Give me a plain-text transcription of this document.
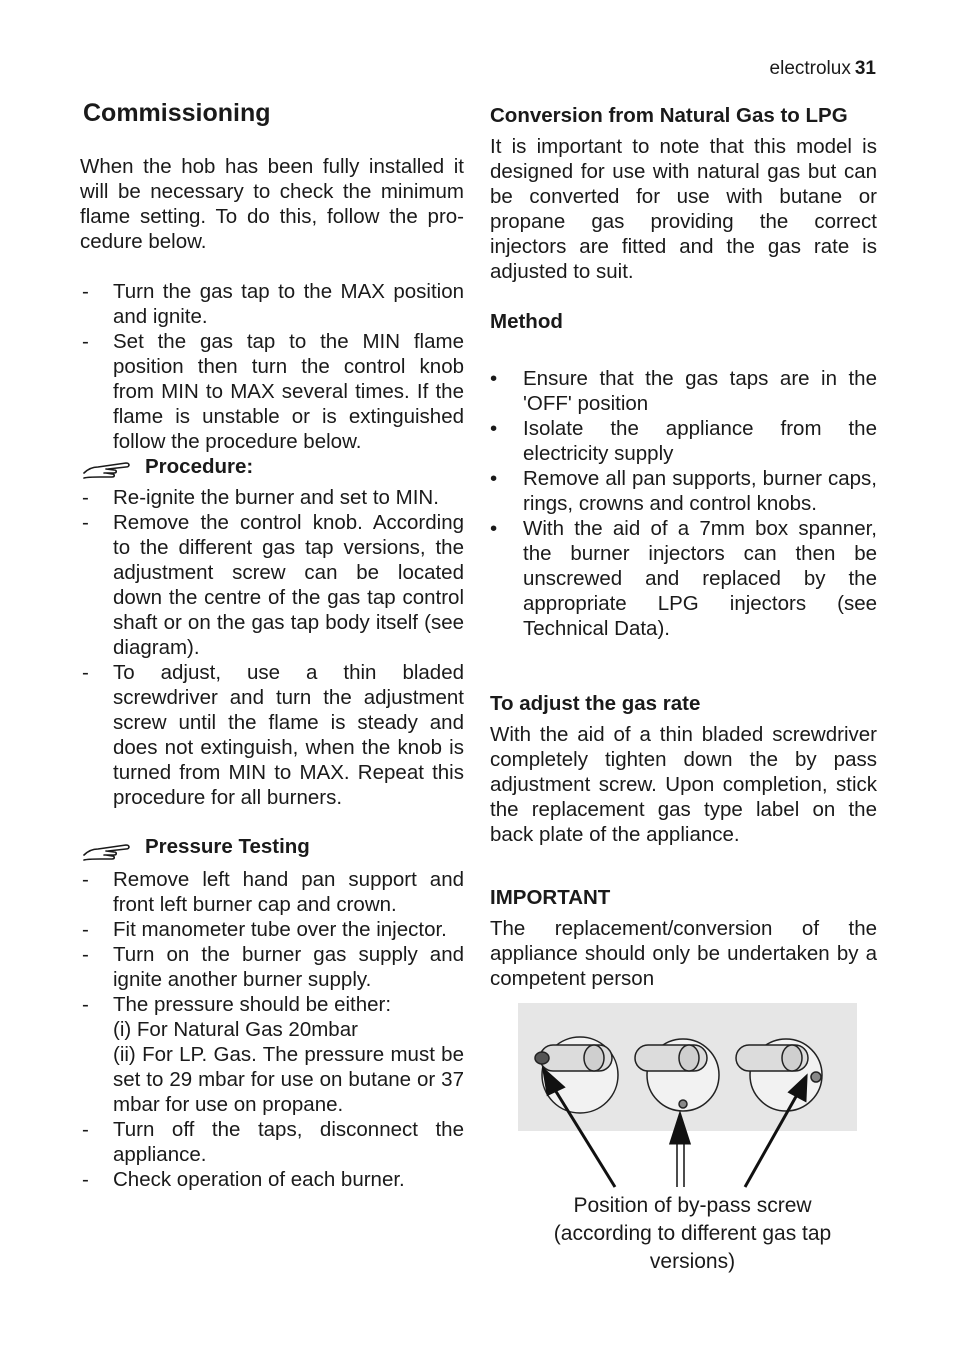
electrolux 31
Commissioning

When the hob has been fully installed it will be necessary to check the minimum flame setting. To do this, follow the pro-cedure below.

-	Turn the gas tap to the MAX position and ignite.
-	Set the gas tap to the MIN flame position then turn the control knob from MIN to MAX several times. If the flame is unstable or is extinguished follow the procedure below.
Procedure:
-	Re-ignite the burner and set to MIN.
-	Remove the control knob. According to the different gas tap versions, the adjustment screw can be located down the centre of the gas tap control shaft or on the gas tap body itself (see diagram).
-	To adjust, use a thin bladed screwdriver and turn the adjustment screw until the flame is steady and does not extinguish, when the knob is turned from MIN to MAX. Repeat this procedure for all burners.
Pressure Testing
-	Remove left hand pan support and front left burner cap and crown.
-	Fit manometer tube over the injector.
-	Turn on the burner gas supply and ignite another burner supply.
-	The pressure should be either:
(i) For Natural Gas 20mbar
(ii) For LP. Gas. The pressure must be set to 29 mbar for use on butane or 37        mbar for use on propane.
-	Turn off the taps, disconnect the appliance.
-	Check operation of each burner.
Conversion from Natural Gas to LPG

It is important to note that this model is designed for use with natural gas but can be converted for use with butane or propane gas providing the correct injectors are fitted and the gas rate is adjusted to suit.

Method
•	Ensure that the gas taps are in the 'OFF' position
•	Isolate the appliance from the electricity supply
•	Remove all pan supports, burner caps, rings, crowns and control knobs.
•	With the aid of a 7mm box spanner, the burner injectors can then be unscrewed and replaced by the appropriate LPG injectors (see Technical Data).
To adjust the gas rate

With the aid of a thin bladed screwdriver completely tighten down the by pass adjustment screw. Upon completion, stick the replacement gas type label on the back plate of the appliance.

IMPORTANT

The replacement/conversion of the appliance should only be undertaken by a competent person

Position of by-pass screw (according to different gas tap versions)
